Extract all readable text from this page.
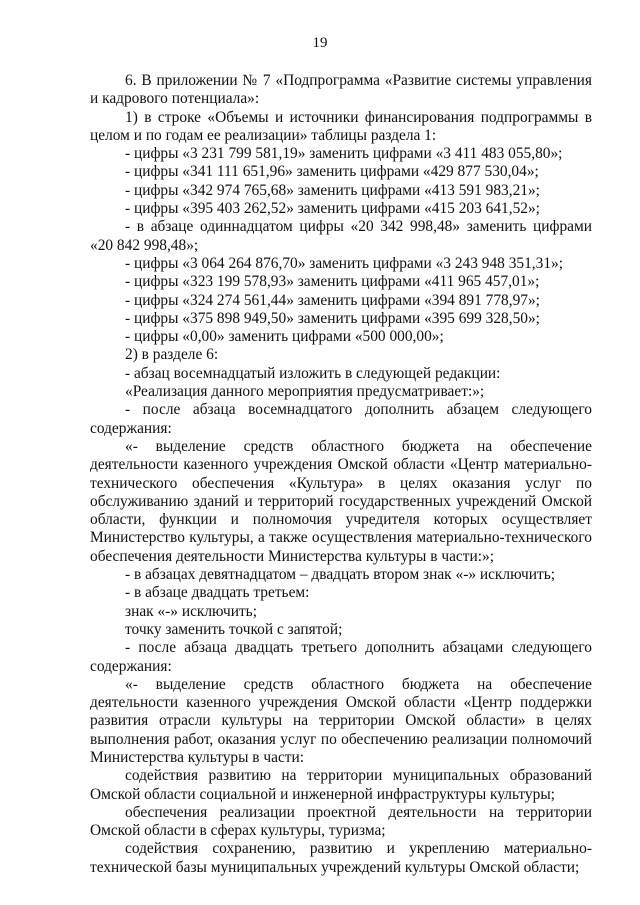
19

6. В приложении № 7 «Подпрограмма «Развитие системы управления и кадрового потенциала»:

1) в строке «Объемы и источники финансирования подпрограммы в целом и по годам ее реализации» таблицы раздела 1:

- цифры «3 231 799 581,19» заменить цифрами «3 411 483 055,80»;

- цифры «341 111 651,96» заменить цифрами «429 877 530,04»;

- цифры «342 974 765,68» заменить цифрами «413 591 983,21»;

- цифры «395 403 262,52» заменить цифрами «415 203 641,52»;

- в абзаце одиннадцатом цифры «20 342 998,48» заменить цифрами «20 842 998,48»;

- цифры «3 064 264 876,70» заменить цифрами «3 243 948 351,31»;

- цифры «323 199 578,93» заменить цифрами «411 965 457,01»;

- цифры «324 274 561,44» заменить цифрами «394 891 778,97»;

- цифры «375 898 949,50» заменить цифрами «395 699 328,50»;

- цифры «0,00» заменить цифрами «500 000,00»;

2) в разделе 6:

- абзац восемнадцатый изложить в следующей редакции:

«Реализация данного мероприятия предусматривает:»;

- после абзаца восемнадцатого дополнить абзацем следующего содержания:

«- выделение средств областного бюджета на обеспечение деятельности казенного учреждения Омской области «Центр материально-технического обеспечения «Культура» в целях оказания услуг по обслуживанию зданий и территорий государственных учреждений Омской области, функции и полномочия учредителя которых осуществляет Министерство культуры, а также осуществления материально-технического обеспечения деятельности Министерства культуры в части:»;

- в абзацах девятнадцатом – двадцать втором знак «-» исключить;

- в абзаце двадцать третьем:

знак «-» исключить;

точку заменить точкой с запятой;

- после абзаца двадцать третьего дополнить абзацами следующего содержания:

«- выделение средств областного бюджета на обеспечение деятельности казенного учреждения Омской области «Центр поддержки развития отрасли культуры на территории Омской области» в целях выполнения работ, оказания услуг по обеспечению реализации полномочий Министерства культуры в части:

содействия развитию на территории муниципальных образований Омской области социальной и инженерной инфраструктуры культуры;

обеспечения реализации проектной деятельности на территории Омской области в сферах культуры, туризма;

содействия сохранению, развитию и укреплению материально-технической базы муниципальных учреждений культуры Омской области;
